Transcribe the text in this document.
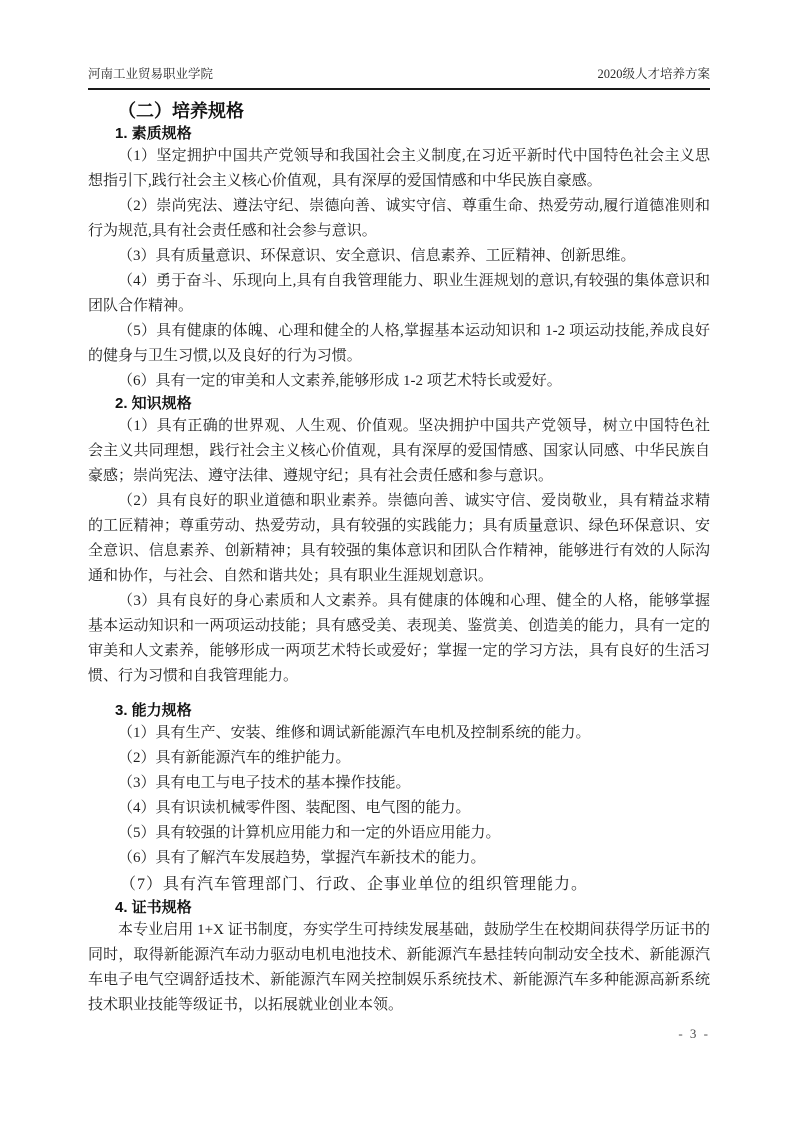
河南工业贸易职业学院	2020级人才培养方案
（二）培养规格
1. 素质规格

（1）坚定拥护中国共产党领导和我国社会主义制度,在习近平新时代中国特色社会主义思想指引下,践行社会主义核心价值观，具有深厚的爱国情感和中华民族自豪感。

（2）崇尚宪法、遵法守纪、崇德向善、诚实守信、尊重生命、热爱劳动,履行道德准则和行为规范,具有社会责任感和社会参与意识。

（3）具有质量意识、环保意识、安全意识、信息素养、工匠精神、创新思维。

（4）勇于奋斗、乐现向上,具有自我管理能力、职业生涯规划的意识,有较强的集体意识和团队合作精神。

（5）具有健康的体魄、心理和健全的人格,掌握基本运动知识和 1-2 项运动技能,养成良好的健身与卫生习惯,以及良好的行为习惯。

（6）具有一定的审美和人文素养,能够形成 1-2 项艺术特长或爱好。

2. 知识规格

（1）具有正确的世界观、人生观、价值观。坚决拥护中国共产党领导，树立中国特色社会主义共同理想，践行社会主义核心价值观，具有深厚的爱国情感、国家认同感、中华民族自豪感；崇尚宪法、遵守法律、遵规守纪；具有社会责任感和参与意识。

（2）具有良好的职业道德和职业素养。崇德向善、诚实守信、爱岗敬业，具有精益求精的工匠精神；尊重劳动、热爱劳动，具有较强的实践能力；具有质量意识、绿色环保意识、安全意识、信息素养、创新精神；具有较强的集体意识和团队合作精神，能够进行有效的人际沟通和协作，与社会、自然和谐共处；具有职业生涯规划意识。

（3）具有良好的身心素质和人文素养。具有健康的体魄和心理、健全的人格，能够掌握基本运动知识和一两项运动技能；具有感受美、表现美、鉴赏美、创造美的能力，具有一定的审美和人文素养，能够形成一两项艺术特长或爱好；掌握一定的学习方法，具有良好的生活习惯、行为习惯和自我管理能力。

3. 能力规格

（1）具有生产、安装、维修和调试新能源汽车电机及控制系统的能力。

（2）具有新能源汽车的维护能力。

（3）具有电工与电子技术的基本操作技能。

（4）具有识读机械零件图、装配图、电气图的能力。

（5）具有较强的计算机应用能力和一定的外语应用能力。

（6）具有了解汽车发展趋势，掌握汽车新技术的能力。

（7）具有汽车管理部门、行政、企事业单位的组织管理能力。

4. 证书规格

本专业启用 1+X 证书制度，夯实学生可持续发展基础，鼓励学生在校期间获得学历证书的同时，取得新能源汽车动力驱动电机电池技术、新能源汽车悬挂转向制动安全技术、新能源汽车电子电气空调舒适技术、新能源汽车网关控制娱乐系统技术、新能源汽车多种能源高新系统技术职业技能等级证书，以拓展就业创业本领。

- 3 -
